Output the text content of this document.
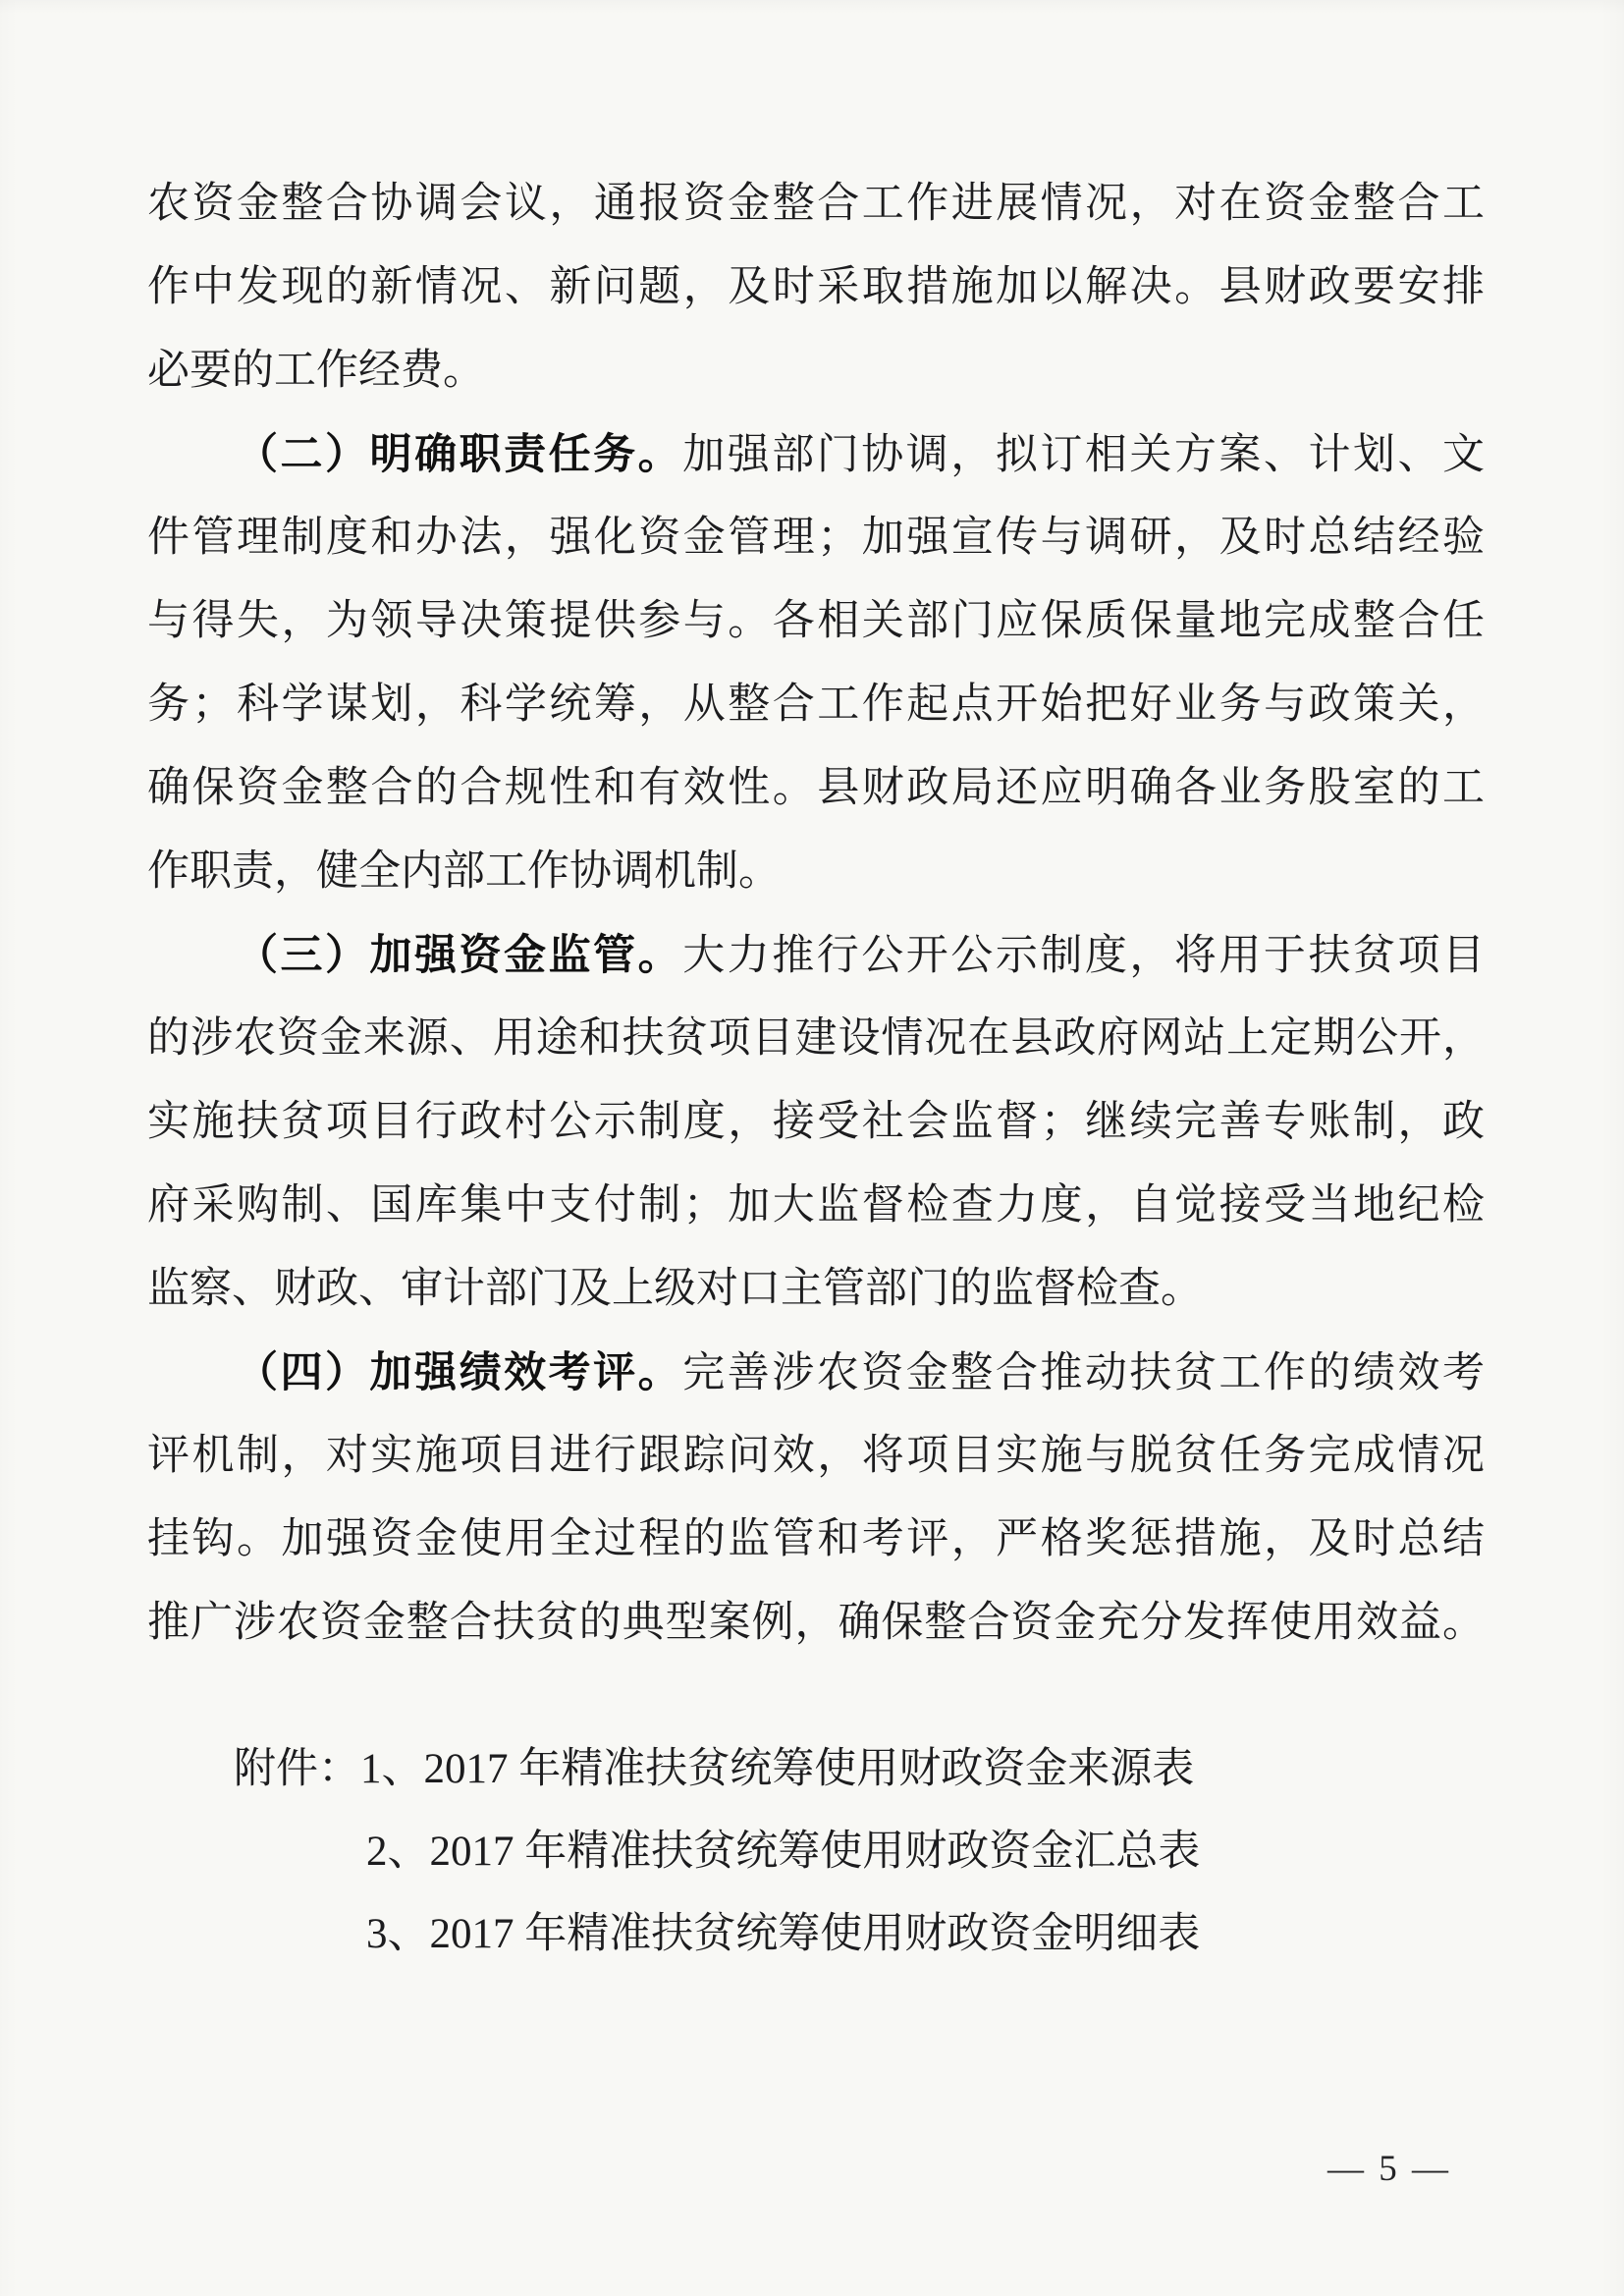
农资金整合协调会议，通报资金整合工作进展情况，对在资金整合工
作中发现的新情况、新问题，及时采取措施加以解决。县财政要安排
必要的工作经费。
（二）明确职责任务。加强部门协调，拟订相关方案、计划、文
件管理制度和办法，强化资金管理；加强宣传与调研，及时总结经验
与得失，为领导决策提供参与。各相关部门应保质保量地完成整合任
务；科学谋划，科学统筹，从整合工作起点开始把好业务与政策关，
确保资金整合的合规性和有效性。县财政局还应明确各业务股室的工
作职责，健全内部工作协调机制。
（三）加强资金监管。大力推行公开公示制度，将用于扶贫项目
的涉农资金来源、用途和扶贫项目建设情况在县政府网站上定期公开，
实施扶贫项目行政村公示制度，接受社会监督；继续完善专账制，政
府采购制、国库集中支付制；加大监督检查力度，自觉接受当地纪检
监察、财政、审计部门及上级对口主管部门的监督检查。
（四）加强绩效考评。完善涉农资金整合推动扶贫工作的绩效考
评机制，对实施项目进行跟踪问效，将项目实施与脱贫任务完成情况
挂钩。加强资金使用全过程的监管和考评，严格奖惩措施，及时总结
推广涉农资金整合扶贫的典型案例，确保整合资金充分发挥使用效益。
附件：1、2017 年精准扶贫统筹使用财政资金来源表
2、2017 年精准扶贫统筹使用财政资金汇总表
3、2017 年精准扶贫统筹使用财政资金明细表
— 5 —
